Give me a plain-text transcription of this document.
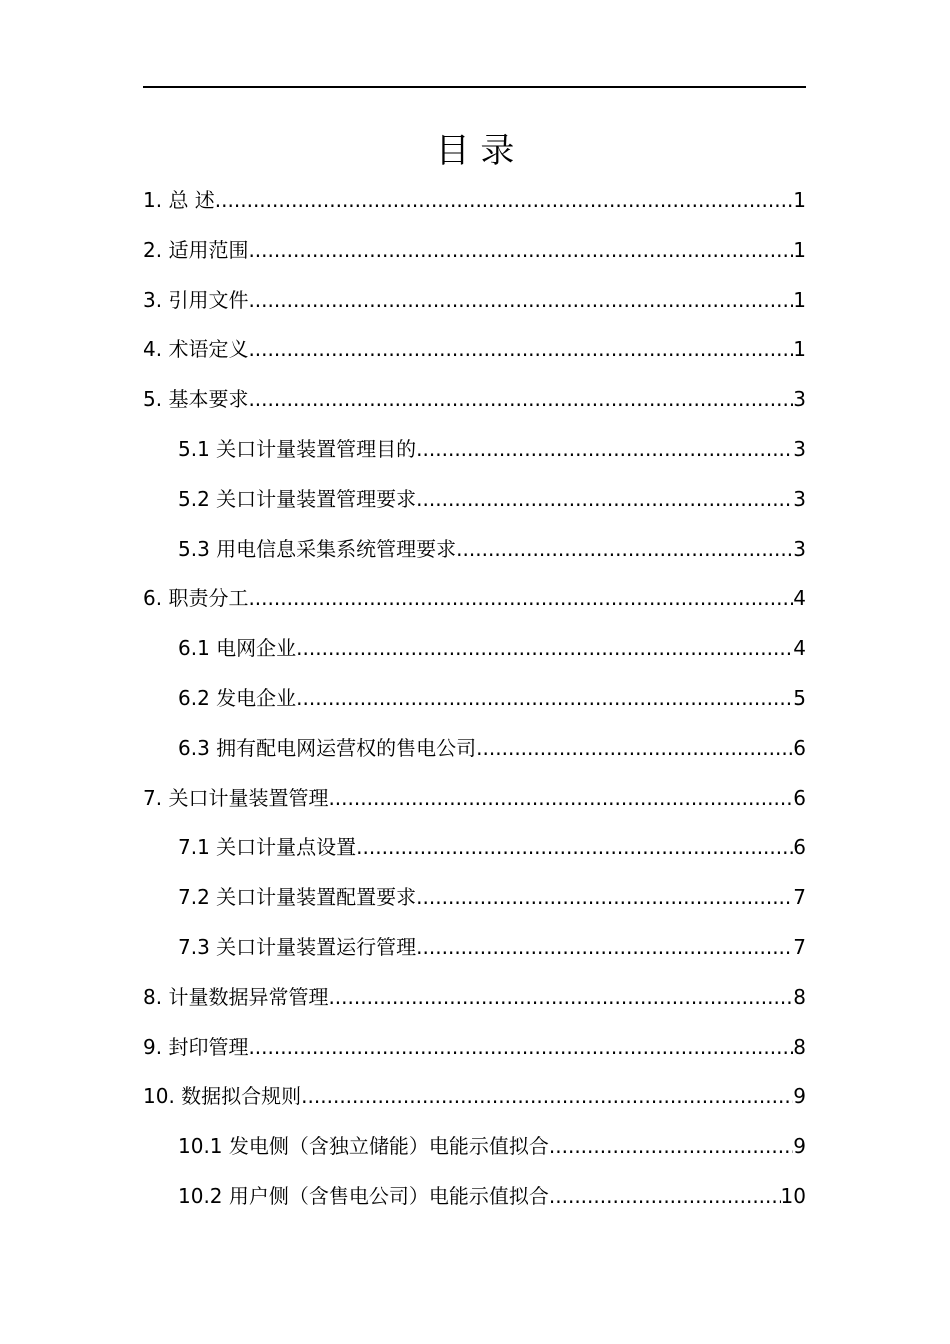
目 录
1. 总 述 .....	1
2. 适用范围 .....	1
3. 引用文件 .....	1
4. 术语定义 .....	1
5. 基本要求 .....	3
5.1 关口计量装置管理目的 .....	3
5.2 关口计量装置管理要求 .....	3
5.3 用电信息采集系统管理要求 .....	3
6. 职责分工 .....	4
6.1 电网企业 .....	4
6.2 发电企业 .....	5
6.3 拥有配电网运营权的售电公司 .....	6
7. 关口计量装置管理 .....	6
7.1 关口计量点设置 .....	6
7.2 关口计量装置配置要求 .....	7
7.3 关口计量装置运行管理 .....	7
8. 计量数据异常管理 .....	8
9. 封印管理 .....	8
10. 数据拟合规则 .....	9
10.1 发电侧（含独立储能）电能示值拟合 .....	9
10.2 用户侧（含售电公司）电能示值拟合 .....	10
